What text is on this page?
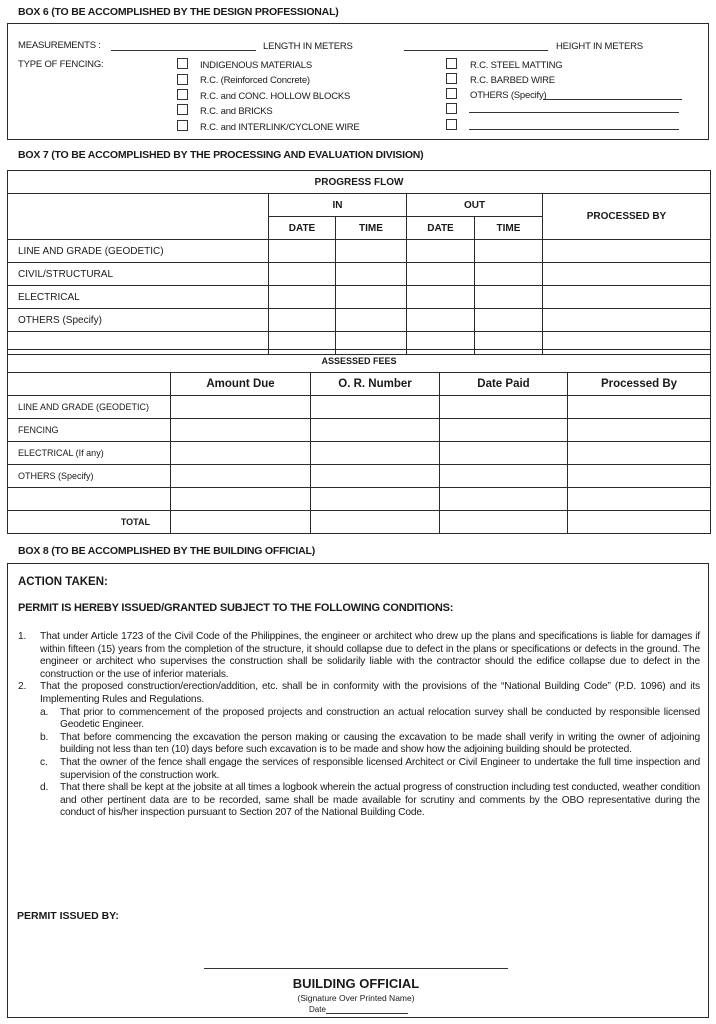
BOX 6 (TO BE ACCOMPLISHED BY THE DESIGN PROFESSIONAL)
MEASUREMENTS :	LENGTH IN METERS	HEIGHT IN METERS
TYPE OF FENCING:	INDIGENOUS MATERIALS
R.C. (Reinforced Concrete)
R.C. and CONC. HOLLOW BLOCKS
R.C. and BRICKS
R.C. and INTERLINK/CYCLONE WIRE
R.C. STEEL MATTING
R.C. BARBED WIRE
OTHERS (Specify)
BOX 7 (TO BE ACCOMPLISHED BY THE PROCESSING AND EVALUATION DIVISION)
PROGRESS FLOW					
	IN		OUT		PROCESSED BY
	DATE	TIME	DATE	TIME	
LINE AND GRADE (GEODETIC)					
CIVIL/STRUCTURAL					
ELECTRICAL					
OTHERS (Specify)					

ASSESSED FEES				
	Amount Due	O. R. Number	Date Paid	Processed By
LINE AND GRADE (GEODETIC)				
FENCING				
ELECTRICAL (If any)				
OTHERS (Specify)				

TOTAL				
BOX 8 (TO BE ACCOMPLISHED BY THE BUILDING OFFICIAL)
ACTION TAKEN:
PERMIT IS HEREBY ISSUED/GRANTED SUBJECT TO THE FOLLOWING CONDITIONS:
1. That under Article 1723 of the Civil Code of the Philippines, the engineer or architect who drew up the plans and specifications is liable for damages if within fifteen (15) years from the completion of the structure, it should collapse due to defect in the plans or specifications or defects in the ground. The engineer or architect who supervises the construction shall be solidarily liable with the contractor should the edifice collapse due to defect in the construction or the use of inferior materials.
2. That the proposed construction/erection/addition, etc. shall be in conformity with the provisions of the “National Building Code” (P.D. 1096) and its Implementing Rules and Regulations.
a. That prior to commencement of the proposed projects and construction an actual relocation survey shall be conducted by responsible licensed Geodetic Engineer.
b. That before commencing the excavation the person making or causing the excavation to be made shall verify in writing the owner of adjoining building not less than ten (10) days before such excavation is to be made and show how the adjoining building should be protected.
c. That the owner of the fence shall engage the services of responsible licensed Architect or Civil Engineer to undertake the full time inspection and supervision of the construction work.
d. That there shall be kept at the jobsite at all times a logbook wherein the actual progress of construction including test conducted, weather condition and other pertinent data are to be recorded, same shall be made available for scrutiny and comments by the OBO representative during the conduct of his/her inspection pursuant to Section 207 of the National Building Code.
PERMIT ISSUED BY:
BUILDING OFFICIAL
(Signature Over Printed Name)
Date
